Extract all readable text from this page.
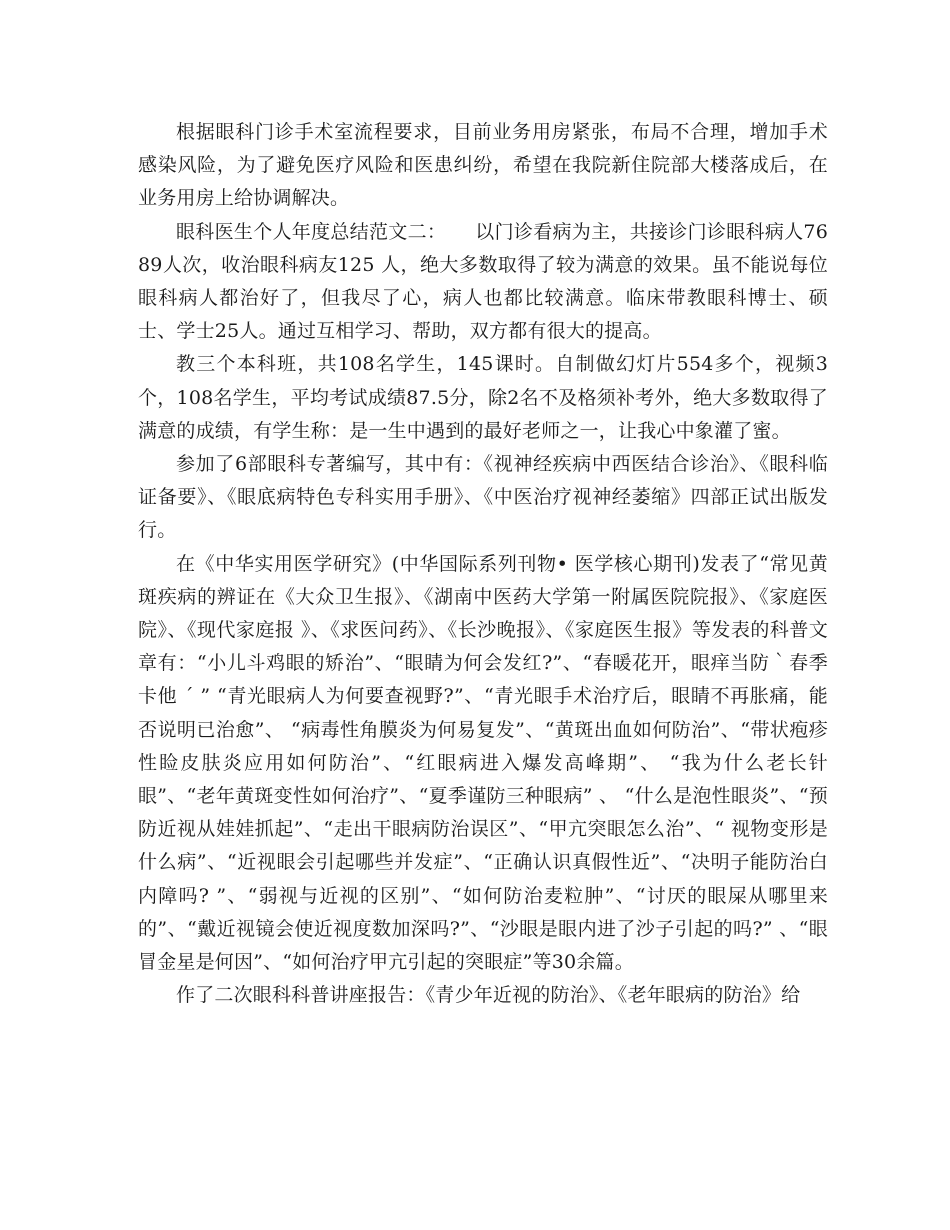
根据眼科门诊手术室流程要求，目前业务用房紧张，布局不合理，增加手术感染风险，为了避免医疗风险和医患纠纷，希望在我院新住院部大楼落成后，在业务用房上给协调解决。

眼科医生个人年度总结范文二：　　以门诊看病为主，共接诊门诊眼科病人7689人次，收治眼科病友125 人，绝大多数取得了较为满意的效果。虽不能说每位眼科病人都治好了，但我尽了心，病人也都比较满意。临床带教眼科博士、硕士、学士25人。通过互相学习、帮助，双方都有很大的提高。

教三个本科班，共108名学生，145课时。自制做幻灯片554多个，视频3 个，108名学生，平均考试成绩87.5分，除2名不及格须补考外，绝大多数取得了满意的成绩，有学生称：是一生中遇到的最好老师之一，让我心中象灌了蜜。

参加了6部眼科专著编写，其中有：《视神经疾病中西医结合诊治》、《眼科临证备要》、《眼底病特色专科实用手册》、《中医治疗视神经萎缩》四部正试出版发行。

在《中华实用医学研究》(中华国际系列刊物• 医学核心期刊)发表了“常见黄斑疾病的辨证在《大众卫生报》、《湖南中医药大学第一附属医院院报》、《家庭医院》、《现代家庭报 》、《求医问药》、《长沙晚报》、《家庭医生报》等发表的科普文章有：“小儿斗鸡眼的矫治”、“眼睛为何会发红?”、“春暖花开，眼痒当防｀春季卡他 ´ ” “青光眼病人为何要查视野?”、“青光眼手术治疗后，眼睛不再胀痛，能否说明已治愈”、 “病毒性角膜炎为何易复发”、“黄斑出血如何防治”、“带状疱疹性睑皮肤炎应用如何防治”、“红眼病进入爆发高峰期”、 “我为什么老长针眼”、“老年黄斑变性如何治疗”、“夏季谨防三种眼病” 、 “什么是泡性眼炎”、“预防近视从娃娃抓起”、“走出干眼病防治误区”、“甲亢突眼怎么治”、“ 视物变形是什么病”、“近视眼会引起哪些并发症”、“正确认识真假性近”、“决明子能防治白内障吗? ”、“弱视与近视的区别”、“如何防治麦粒肿”、“讨厌的眼屎从哪里来的”、“戴近视镜会使近视度数加深吗?”、“沙眼是眼内进了沙子引起的吗?” 、“眼冒金星是何因”、“如何治疗甲亢引起的突眼症”等30余篇。

作了二次眼科科普讲座报告：《青少年近视的防治》、《老年眼病的防治》给
